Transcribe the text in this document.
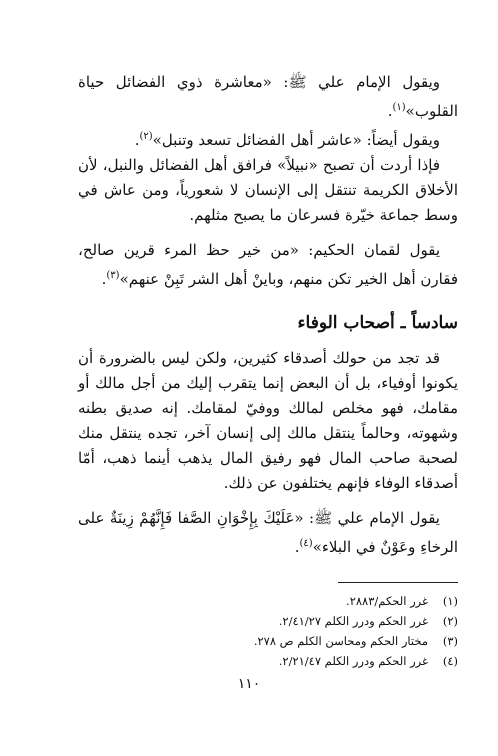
ويقول الإمام علي ﷺ: «معاشرة ذوي الفضائل حياة القلوب»$^{(١)}$.

ويقول أيضاً: «عاشر أهل الفضائل تسعد وتنبل»$^{(٢)}$.

فإذا أردت أن تصبح «نبيلاً» فرافق أهل الفضائل والنبل، لأن الأخلاق الكريمة تنتقل إلى الإنسان لا شعورياً، ومن عاش في وسط جماعة خيّرة فسرعان ما يصبح مثلهم.

يقول لقمان الحكيم: «من خير حظ المرء قرين صالح، فقارن أهل الخير تكن منهم، وباينْ أهل الشر تَبِنْ عنهم»$^{(٣)}$.

سادساً ـ أصحاب الوفاء

قد تجد من حولك أصدقاء كثيرين، ولكن ليس بالضرورة أن يكونوا أوفياء، بل أن البعض إنما يتقرب إليك من أجل مالك أو مقامك، فهو مخلص لمالك ووفيّ لمقامك. إنه صديق بطنه وشهوته، وحالماً ينتقل مالك إلى إنسان آخر، تجده ينتقل منك لصحبة صاحب المال فهو رفيق المال يذهب أينما ذهب، أمّا أصدقاء الوفاء فإنهم يختلفون عن ذلك.

يقول الإمام علي ﷺ: «عَلَيْكَ بِإِخْوَانِ الصَّفا فَإِنَّهُمْ زِينَةٌ على الرخاءِ وعَوْنٌ في البلاء»$^{(٤)}$.

(١)
غرر الحكم/٢٨٨٣.

(٢)
غرر الحكم ودرر الكلم ٢/٤١/٢٧.

(٣)
مختار الحكم ومحاسن الكلم ص ٢٧٨.

(٤)
غرر الحكم ودرر الكلم ٢/٢١/٤٧.

١١٠
